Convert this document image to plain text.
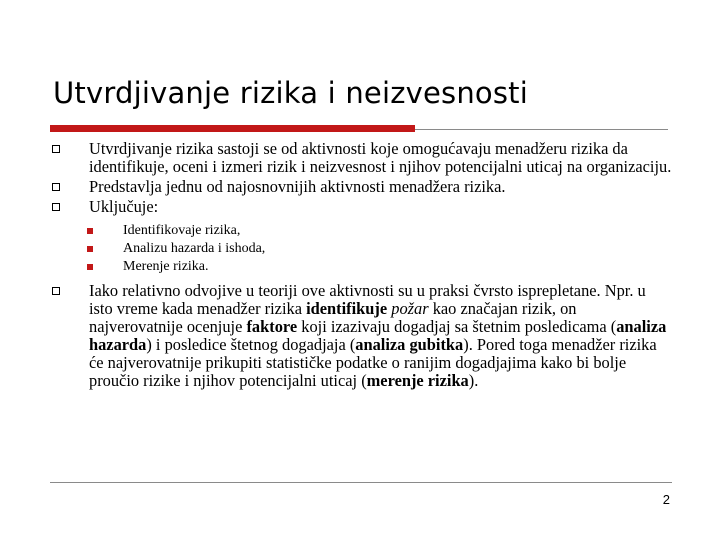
Utvrdjivanje rizika i neizvesnosti
Utvrdjivanje rizika sastoji se od aktivnosti koje omogućavaju menadžeru rizika da identifikuje, oceni i izmeri rizik i neizvesnost i njihov potencijalni uticaj na organizaciju.
Predstavlja jednu od najosnovnijih aktivnosti menadžera rizika.
Uključuje:
Identifikovaje rizika,
Analizu hazarda i ishoda,
Merenje rizika.
Iako relativno odvojive u teoriji ove aktivnosti su u praksi čvrsto isprepletane. Npr. u isto vreme kada menadžer rizika identifikuje požar kao značajan rizik, on najverovatnije ocenjuje faktore koji izazivaju dogadjaj sa štetnim posledicama (analiza hazarda) i posledice štetnog dogadjaja (analiza gubitka). Pored toga menadžer rizika će najverovatnije prikupiti statističke podatke o ranijim dogadjajima kako bi bolje proučio rizike i njihov potencijalni uticaj (merenje rizika).
2
